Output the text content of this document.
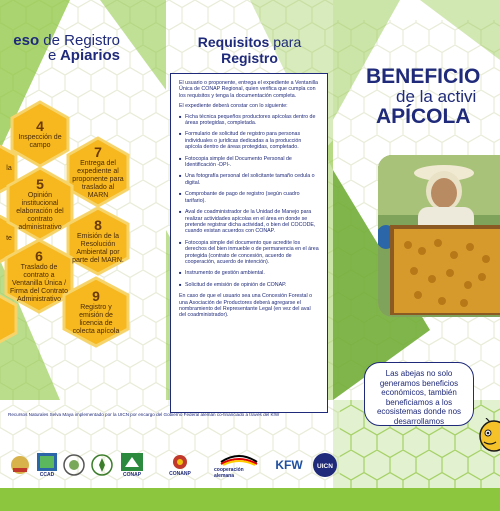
eso de Registro
e Apiarios
la
te
4
Inspección de campo	7
Entrega del expediente al proponente para traslado al MARN
5
Opinión institucional elaboración del contrato administrativo	8
Emisión de la Resolución Ambiental por parte del MARN.
6
Traslado de contrato a Ventanilla Única / Firma del Contrato Administrativo	9
Registro y emisión de licencia de colecta apícola
Requisitos para
Registro

El usuario o proponente, entrega el expediente a Ventanilla Única de CONAP Regional, quien verifica que cumpla con los requisitos y tenga la documentación completa.

El expediente deberá constar con lo siguiente:

■ Ficha técnica pequeños productores apícolas dentro de áreas protegidas, completada.
■ Formulario de solicitud de registro para personas individuales o jurídicas dedicadas a la producción apícola dentro de áreas protegidas, completado.
■ Fotocopia simple del Documento Personal de Identificación -DPI-.
■ Una fotografía personal del solicitante tamaño cedula o digital.
■ Comprobante de pago de registro (según cuadro tarifario).
■ Aval de coadministrador de la Unidad de Manejo para realizar actividades apícolas en el área en donde se pretende registrar dicha actividad, o bien del COCODE, cuando existan acuerdos con CONAP.
■ Fotocopia simple del documento que acredite los derechos del bien inmueble o de permanencia en el área protegida (contrato de concesión, acuerdo de cooperación, acuerdo de intención).
■ Instrumento de gestión ambiental.
■ Solicitud de emisión de opinión de CONAP.

En caso de que el usuario sea una Concesión Forestal o una Asociación de Productores deberá agregarse el nombramiento del Representante Legal (en vez del aval del coadministrador).

BENEFICIO
de la activi
APÍCOLA
Las abejas no solo generamos beneficios económicos, también beneficiamos a los ecosistemas donde nos desarrollamos
Recursos Naturales Selva Maya implementado por la UICN por encargo del Gobierno Federal alemán co-financiado a través del KfW
CCAD	CONAP	CONANP
cooperación alemana
KFW UICN
